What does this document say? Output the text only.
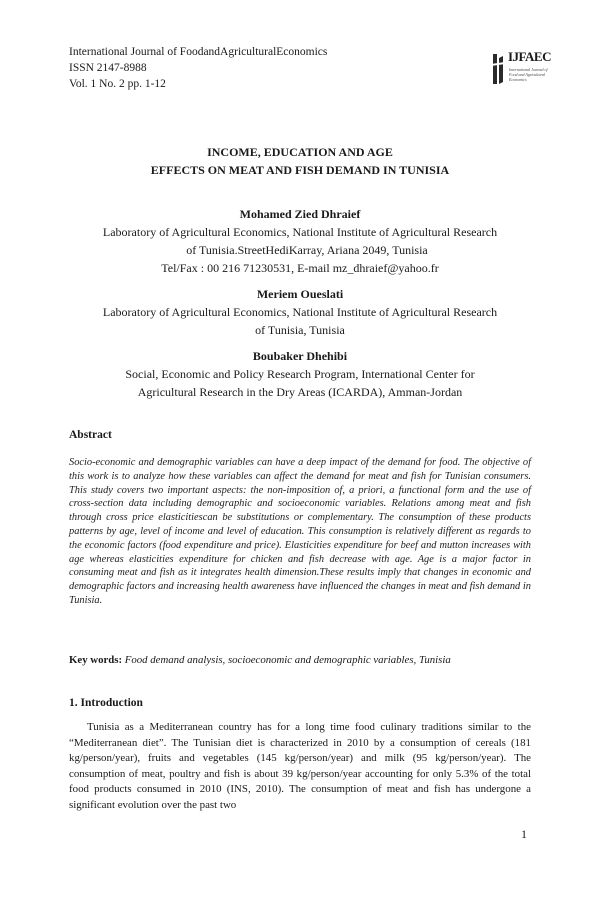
International Journal of FoodandAgriculturalEconomics
ISSN 2147-8988
Vol. 1 No. 2 pp. 1-12
IJFAEC
International Journal of Food and Agricultural Economics
INCOME, EDUCATION AND AGE
EFFECTS ON MEAT AND FISH DEMAND IN TUNISIA
Mohamed Zied Dhraief
Laboratory of Agricultural Economics, National Institute of Agricultural Research
of Tunisia.StreetHediKarray, Ariana 2049, Tunisia
Tel/Fax : 00 216 71230531, E-mail mz_dhraief@yahoo.fr
Meriem Oueslati
Laboratory of Agricultural Economics, National Institute of Agricultural Research
of Tunisia, Tunisia
Boubaker Dhehibi
Social, Economic and Policy Research Program, International Center for
Agricultural Research in the Dry Areas (ICARDA), Amman-Jordan
Abstract
Socio-economic and demographic variables can have a deep impact of the demand for food. The objective of this work is to analyze how these variables can affect the demand for meat and fish for Tunisian consumers. This study covers two important aspects: the non-imposition of, a priori, a functional form and the use of cross-section data including demographic and socioeconomic variables. Relations among meat and fish through cross price elasticitiescan be substitutions or complementary. The consumption of these products patterns by age, level of income and level of education. This consumption is relatively different as regards to the economic factors (food expenditure and price). Elasticities expenditure for beef and mutton increases with age whereas elasticities expenditure for chicken and fish decrease with age. Age is a major factor in consuming meat and fish as it integrates health dimension.These results imply that changes in economic and demographic factors and increasing health awareness have influenced the changes in meat and fish demand in Tunisia.
Key words: Food demand analysis, socioeconomic and demographic variables, Tunisia
1. Introduction
Tunisia as a Mediterranean country has for a long time food culinary traditions similar to the “Mediterranean diet”. The Tunisian diet is characterized in 2010 by a consumption of cereals (181 kg/person/year), fruits and vegetables (145 kg/person/year) and milk (95 kg/person/year). The consumption of meat, poultry and fish is about 39 kg/person/year accounting for only 5.3% of the total food products consumed in 2010 (INS, 2010). The consumption of meat and fish has undergone a significant evolution over the past two
1
